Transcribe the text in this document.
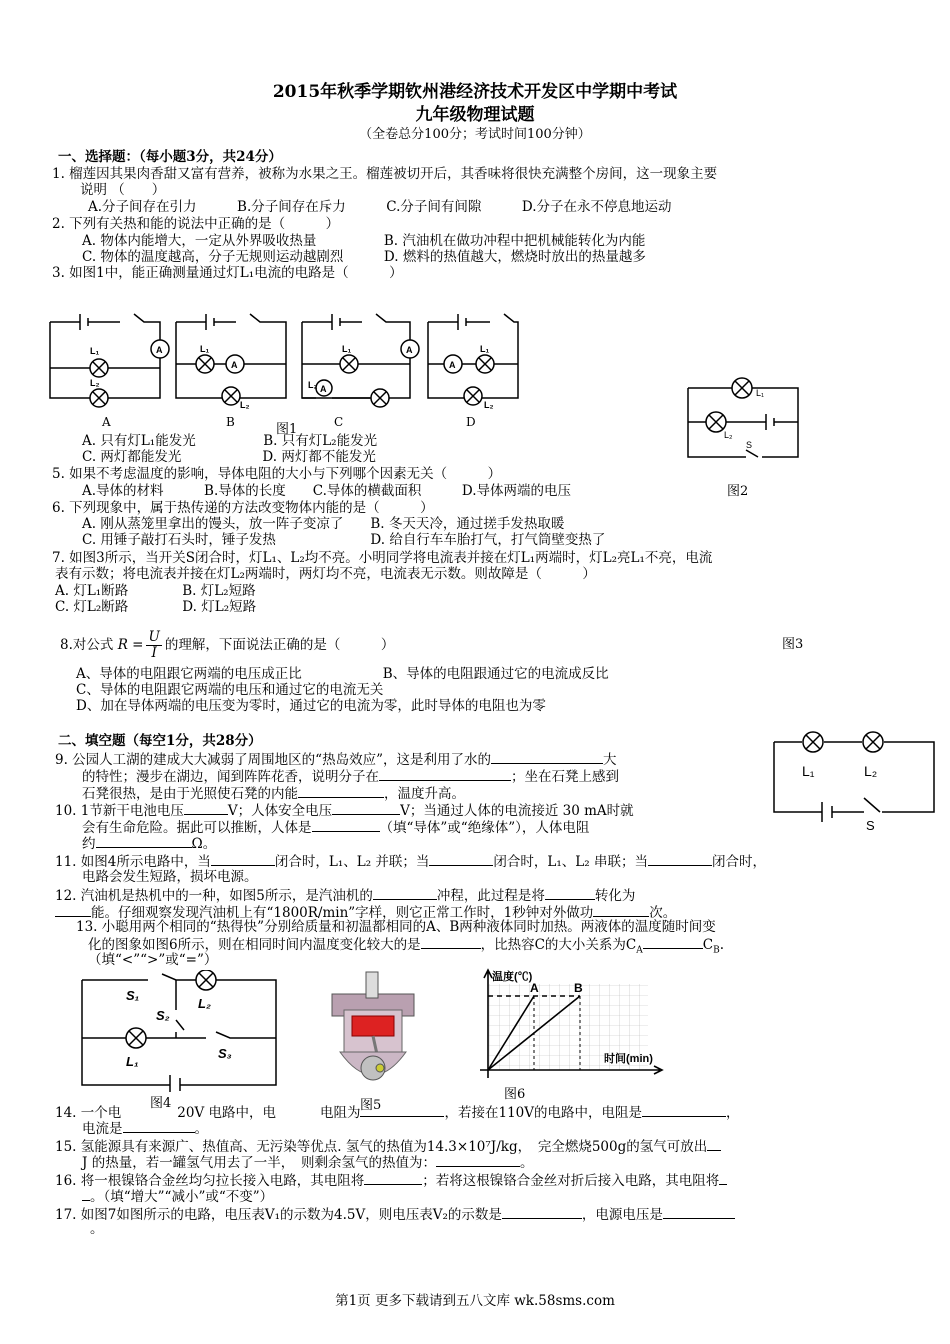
2015年秋季学期钦州港经济技术开发区中学期中考试
九年级物理试题
（全卷总分100分；考试时间100分钟）
一、选择题：（每小题3分，共24分）
1. 榴莲因其果肉香甜又富有营养，被称为水果之王。榴莲被切开后，其香味将很快充满整个房间，这一现象主要
说明 （　　）
A.分子间存在引力　　　B.分子间存在斥力　　　C.分子间有间隙　　　D.分子在永不停息地运动
2. 下列有关热和能的说法中正确的是（　　　）
A. 物体内能增大，一定从外界吸收热量　　　　　B. 汽油机在做功冲程中把机械能转化为内能
C. 物体的温度越高，分子无规则运动越剧烈　　　D. 燃料的热值越大，燃烧时放出的热量越多
3. 如图1中，能正确测量通过灯L₁电流的电路是（　　　）
A
A
A
A
A
L₁
L₂
L₁
L₂
L₁
L₂
L₁
L₂
A	B	C	D
图1
L₁
L₂
S
A. 只有灯L₁能发光　　　　　B. 只有灯L₂能发光
C. 两灯都能发光　　　　　　D. 两灯都不能发光
图2
5. 如果不考虑温度的影响，导体电阻的大小与下列哪个因素无关（　　　）
A.导体的材料　　　B.导体的长度　　C.导体的横截面积　　　D.导体两端的电压
6. 下列现象中，属于热传递的方法改变物体内能的是（　　　）
A. 刚从蒸笼里拿出的馒头，放一阵子变凉了　　B. 冬天天冷，通过搓手发热取暖
C. 用锤子敲打石头时，锤子发热　　　　　　　D. 给自行车车胎打气，打气筒壁变热了
7. 如图3所示，当开关S闭合时，灯L₁、L₂均不亮。小明同学将电流表并接在灯L₁两端时，灯L₂亮L₁不亮，电流
表有示数；将电流表并接在灯L₂两端时，两灯均不亮，电流表无示数。则故障是（　　　）
A. 灯L₁断路　　　　B. 灯L₂短路
C. 灯L₂断路　　　　D. 灯L₂短路
8.对公式 $R = \frac{U}{I}$ 的理解，下面说法正确的是（　　　）	图3
A、导体的电阻跟它两端的电压成正比　　　　　　B、导体的电阻跟通过它的电流成反比
C、导体的电阻跟它两端的电压和通过它的电流无关
D、加在导体两端的电压变为零时，通过它的电流为零，此时导体的电阻也为零
二、填空题（每空1分，共28分）
L₁	L₂
S
9. 公园人工湖的建成大大减弱了周围地区的“热岛效应”，这是利用了水的	大
的特性；漫步在湖边，闻到阵阵花香，说明分子在	；坐在石凳上感到
石凳很热，是由于光照使石凳的内能	，温度升高。
10. 1节新干电池电压	V；人体安全电压	V；当通过人体的电流接近 30 mA时就
会有生命危险。据此可以推断，人体是	（填“导体”或“绝缘体”），人体电阻
约	Ω。
11. 如图4所示电路中，当	闭合时，L₁、L₂ 并联；当	闭合时，L₁、L₂ 串联；当	闭合时，
电路会发生短路，损坏电源。
12. 汽油机是热机中的一种，如图5所示，是汽油机的	冲程，此过程是将	转化为
能。仔细观察发现汽油机上有“1800R/min”字样，则它正常工作时，1秒钟对外做功	次。
13. 小聪用两个相同的“热得快”分别给质量和初温都相同的A、B两种液体同时加热。两液体的温度随时间变
化的图象如图6所示，则在相同时间内温度变化较大的是	，比热容C的大小关系为$C_A$	$C_B$.
（填“<”“>”或“=”）
S₁
S₂
L₂
S₃
L₁
图4	图5
温度(℃)
A	B
时间(min)
图6
14. 一个电	20V 电路中，电	电阻为	，若接在110V的电路中，电阻是	，
电流是	。
15. 氢能源具有来源广、热值高、无污染等优点. 氢气的热值为14.3×10⁷J/kg，　完全燃烧500g的氢气可放出
J 的热量，若一罐氢气用去了一半，　则剩余氢气的热值为：	。
16. 将一根镍铬合金丝均匀拉长接入电路，其电阻将	；若将这根镍铬合金丝对折后接入电路，其电阻将
。（填“增大”“减小”或“不变”）
17. 如图7如图所示的电路，电压表V₁的示数为4.5V，则电压表V₂的示数是	，电源电压是
。
第1页 更多下载请到五八文库 wk.58sms.com
